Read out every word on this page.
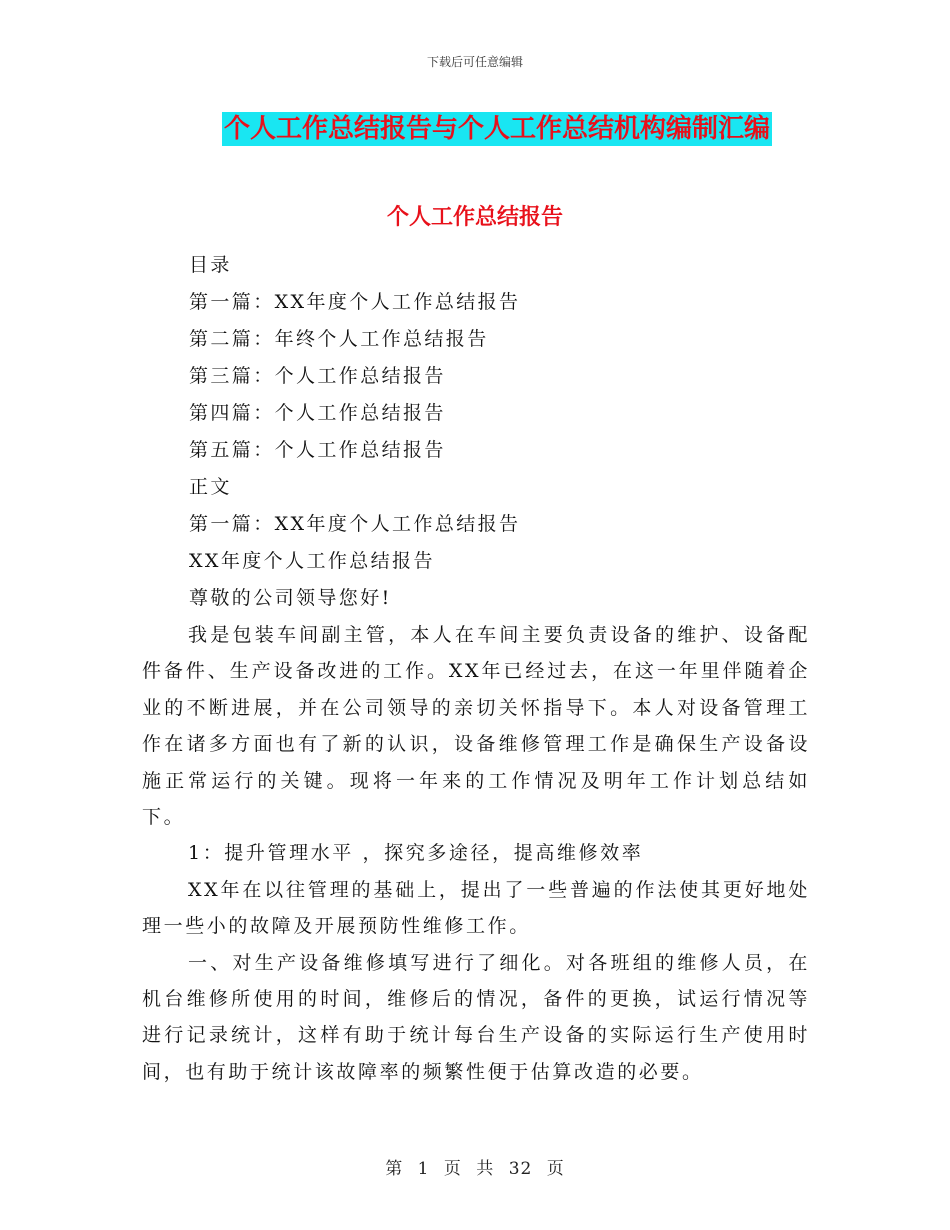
下载后可任意编辑
个人工作总结报告与个人工作总结机构编制汇编
个人工作总结报告
目录
第一篇：XX年度个人工作总结报告
第二篇：年终个人工作总结报告
第三篇：个人工作总结报告
第四篇：个人工作总结报告
第五篇：个人工作总结报告
正文
第一篇：XX年度个人工作总结报告
XX年度个人工作总结报告
尊敬的公司领导您好!

我是包装车间副主管，本人在车间主要负责设备的维护、设备配件备件、生产设备改进的工作。XX年已经过去，在这一年里伴随着企业的不断进展，并在公司领导的亲切关怀指导下。本人对设备管理工作在诸多方面也有了新的认识，设备维修管理工作是确保生产设备设施正常运行的关键。现将一年来的工作情况及明年工作计划总结如下。

1：提升管理水平 ，探究多途径，提高维修效率

XX年在以往管理的基础上，提出了一些普遍的作法使其更好地处理一些小的故障及开展预防性维修工作。

一、对生产设备维修填写进行了细化。对各班组的维修人员，在机台维修所使用的时间，维修后的情况，备件的更换，试运行情况等进行记录统计，这样有助于统计每台生产设备的实际运行生产使用时间，也有助于统计该故障率的频繁性便于估算改造的必要。

第 1 页 共 32 页
